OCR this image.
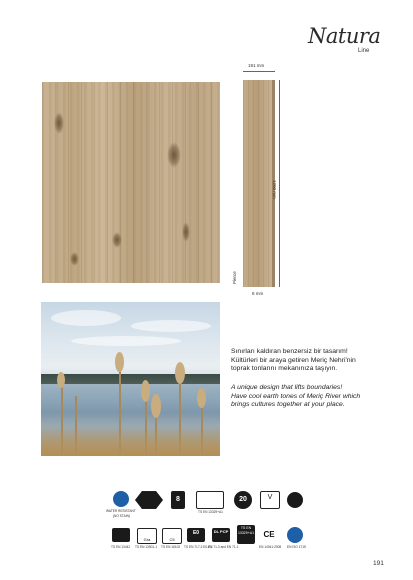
Natura
Line
191 mm
1200 mm
Pierce
8 mm

Sınırları kaldıran benzersiz bir tasarım!

Kültürleri bir araya getiren Meriç Nehri'nin

toprak tonlarını mekanınıza taşıyın.

A unique design that lifts boundaries!

Have cool earth tones of Meriç River which

brings cultures together at your place.

WATER RESISTANT
(NO STAIN)
8
TS EN 13329+A1
20	V
TS EN 13442
Gra
TS EN 13501-1
C5
TS EN 16102
E0
TS EN 717-2 E0-E1
DL PCP
EN 71-3 and EN 71-1
TS EN 13329+A1 CE
EN 14041:2008 EN ISO 1715
191
